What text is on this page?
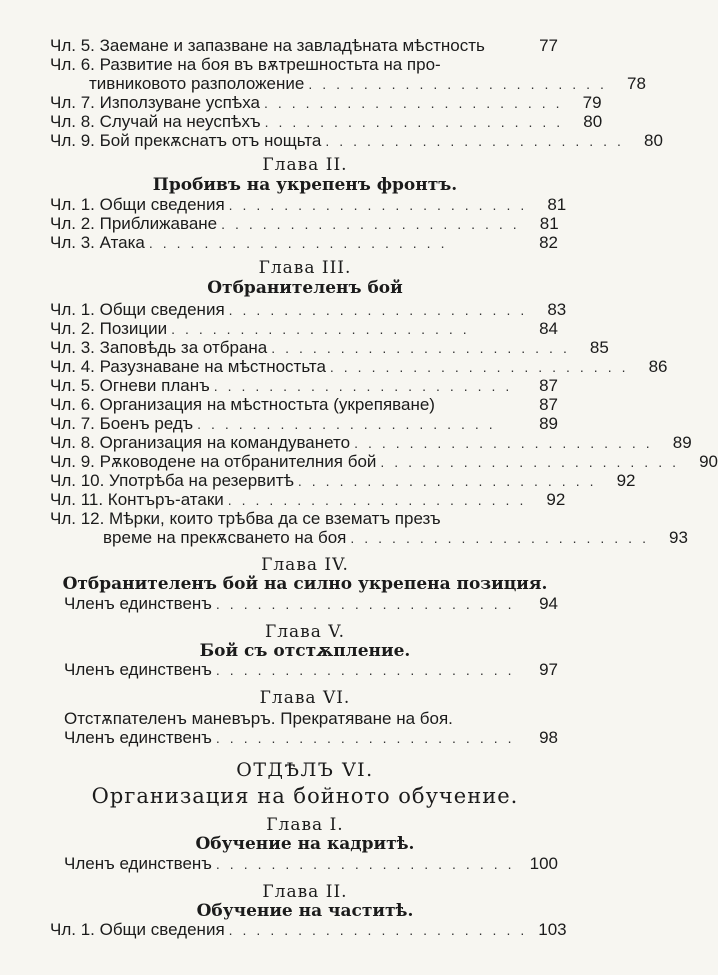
Чл. 5. Заемане и запазване на завладѣната мѣстность	77
Чл. 6. Развитие на боя въ вѫтрешностьта на про-
тивниковото разположение ...................... 78
Чл. 7. Използуване успѣха ...................... 79
Чл. 8. Случай на неуспѣхъ ...................... 80
Чл. 9. Бой прекѫснатъ отъ нощьта ...................... 80
Глава II.
Пробивъ на укрепенъ фронтъ.
Чл. 1. Общи сведения ...................... 81
Чл. 2. Приближаване ...................... 81
Чл. 3. Атака ......................	82
Глава III.
Отбранителенъ бой
Чл. 1. Общи сведения ...................... 83
Чл. 2. Позиции ......................	84
Чл. 3. Заповѣдь за отбрана ...................... 85
Чл. 4. Разузнаване на мѣстностьта ...................... 86
Чл. 5. Огневи планъ ......................	87
Чл. 6. Организация на мѣстностьта (укрепяване)	87
Чл. 7. Боенъ редъ ......................	89
Чл. 8. Организация на командуването ...................... 89
Чл. 9. Рѫководене на отбранителния бой ...................... 90
Чл. 10. Употрѣба на резервитѣ ...................... 92
Чл. 11. Контъръ-атаки ...................... 92
Чл. 12. Мѣрки, които трѣбва да се взематъ презъ
време на прекѫсването на боя ...................... 93
Глава IV.
Отбранителенъ бой на силно укрепена позиция.
Членъ единственъ ......................	94
Глава V.
Бой съ отстѫпление.
Членъ единственъ ......................	97
Глава VI.
Отстѫпателенъ маневъръ. Прекратяване на боя.
Членъ единственъ ......................	98
ОТДѢЛЪ VI.
Организация на бойното обучение.
Глава I.
Обучение на кадритѣ.
Членъ единственъ ...................... 100
Глава II.
Обучение на частитѣ.
Чл. 1. Общи сведения ...................... 103
